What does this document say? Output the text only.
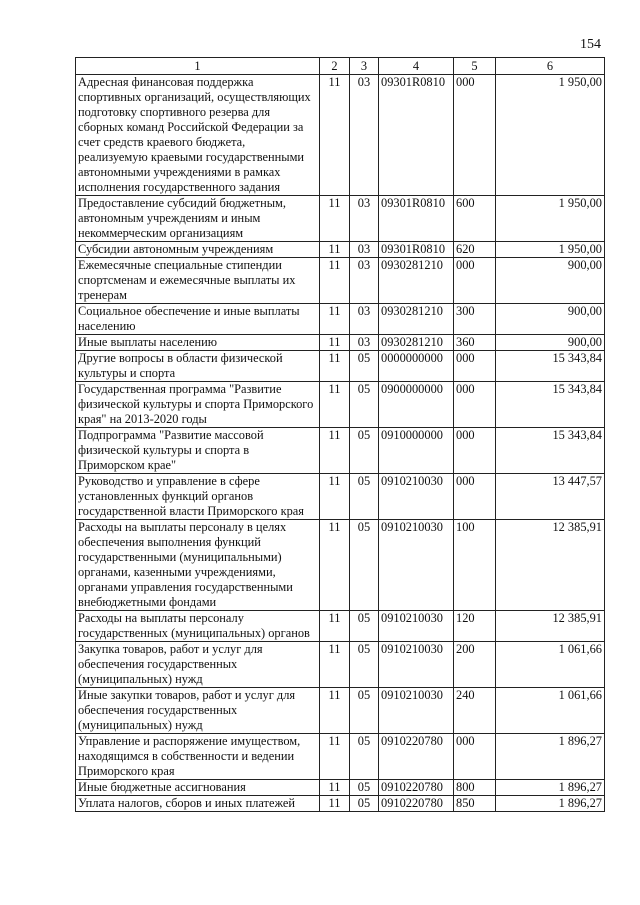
154
1	2	3	4	5	6
Адресная финансовая поддержка спортивных организаций, осуществляющих подготовку спортивного резерва для сборных команд Российской Федерации за счет средств краевого бюджета, реализуемую краевыми государственными автономными учреждениями в рамках исполнения государственного задания	11	03	09301R0810	000	1 950,00
Предоставление субсидий бюджетным, автономным учреждениям и иным некоммерческим организациям	11	03	09301R0810	600	1 950,00
Субсидии автономным учреждениям	11	03	09301R0810	620	1 950,00
Ежемесячные специальные стипендии спортсменам и ежемесячные выплаты их тренерам	11	03	0930281210	000	900,00
Социальное обеспечение и иные выплаты населению	11	03	0930281210	300	900,00
Иные выплаты населению	11	03	0930281210	360	900,00
Другие вопросы в области физической культуры и спорта	11	05	0000000000	000	15 343,84
Государственная программа "Развитие физической культуры и спорта Приморского края" на 2013-2020 годы	11	05	0900000000	000	15 343,84
Подпрограмма "Развитие массовой физической культуры и спорта в Приморском крае"	11	05	0910000000	000	15 343,84
Руководство и управление в сфере установленных функций органов государственной власти Приморского края	11	05	0910210030	000	13 447,57
Расходы на выплаты персоналу в целях обеспечения выполнения функций государственными (муниципальными) органами, казенными учреждениями, органами управления государственными внебюджетными фондами	11	05	0910210030	100	12 385,91
Расходы на выплаты персоналу государственных (муниципальных) органов	11	05	0910210030	120	12 385,91
Закупка товаров, работ и услуг для обеспечения государственных (муниципальных) нужд	11	05	0910210030	200	1 061,66
Иные закупки товаров, работ и услуг для обеспечения государственных (муниципальных) нужд	11	05	0910210030	240	1 061,66
Управление и распоряжение имуществом, находящимся в собственности и ведении Приморского края	11	05	0910220780	000	1 896,27
Иные бюджетные ассигнования	11	05	0910220780	800	1 896,27
Уплата налогов, сборов и иных платежей	11	05	0910220780	850	1 896,27
